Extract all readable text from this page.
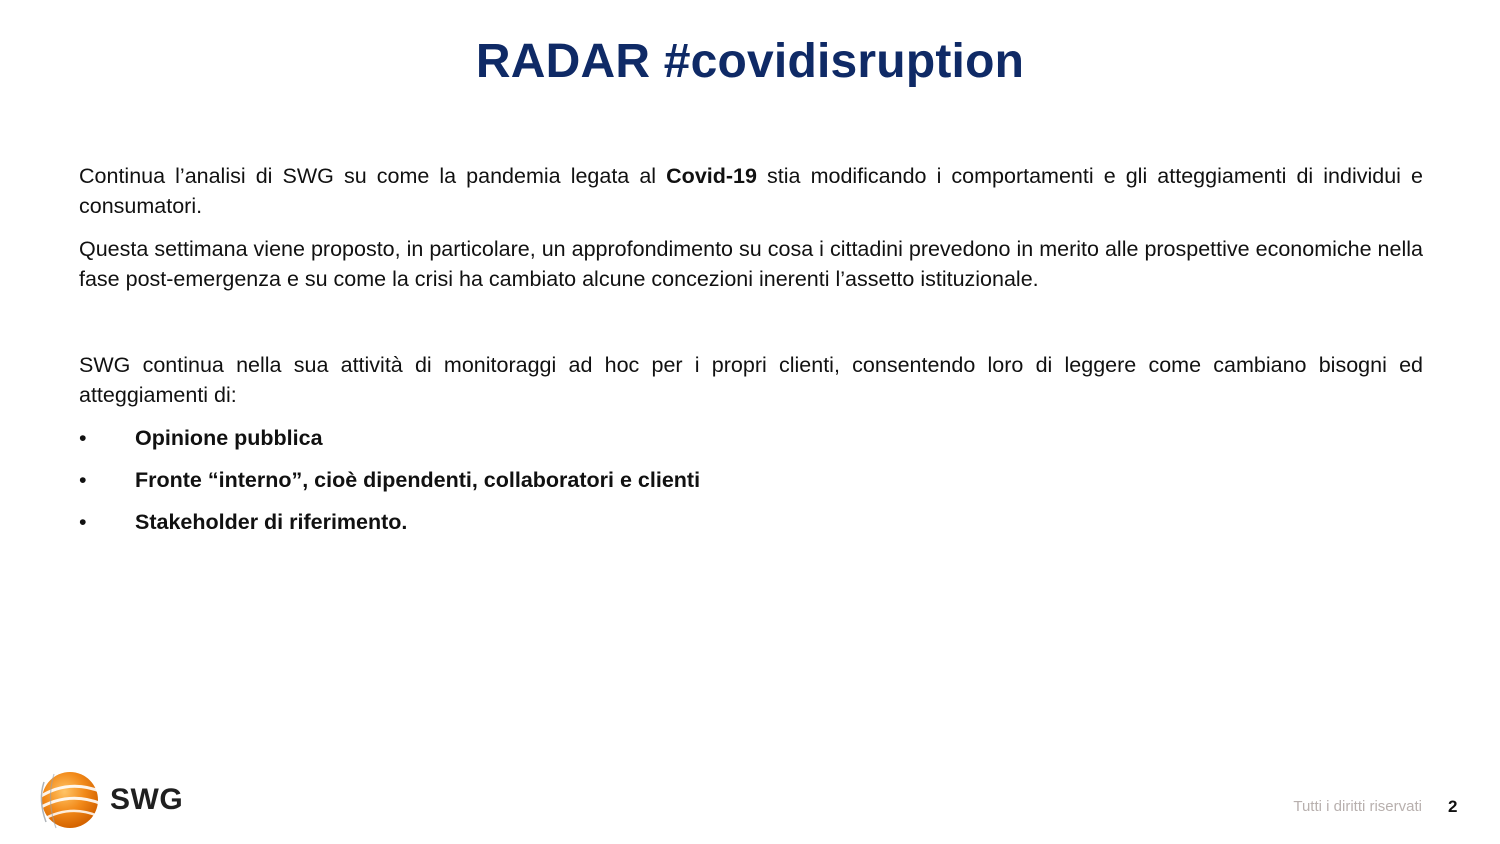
RADAR #covidisruption

Continua l’analisi di SWG su come la pandemia legata al Covid-19 stia modificando i comportamenti e gli atteggiamenti di individui e consumatori.

Questa settimana viene proposto, in particolare, un approfondimento su cosa i cittadini prevedono in merito alle prospettive economiche nella fase post-emergenza e su come la crisi ha cambiato alcune concezioni inerenti l’assetto istituzionale.

SWG continua nella sua attività di monitoraggi ad hoc per i propri clienti, consentendo loro di leggere come cambiano bisogni ed atteggiamenti di:

•	Opinione pubblica
•	Fronte “interno”, cioè dipendenti, collaboratori e clienti
•	Stakeholder di riferimento.
SWG	Tutti i diritti riservati 2
